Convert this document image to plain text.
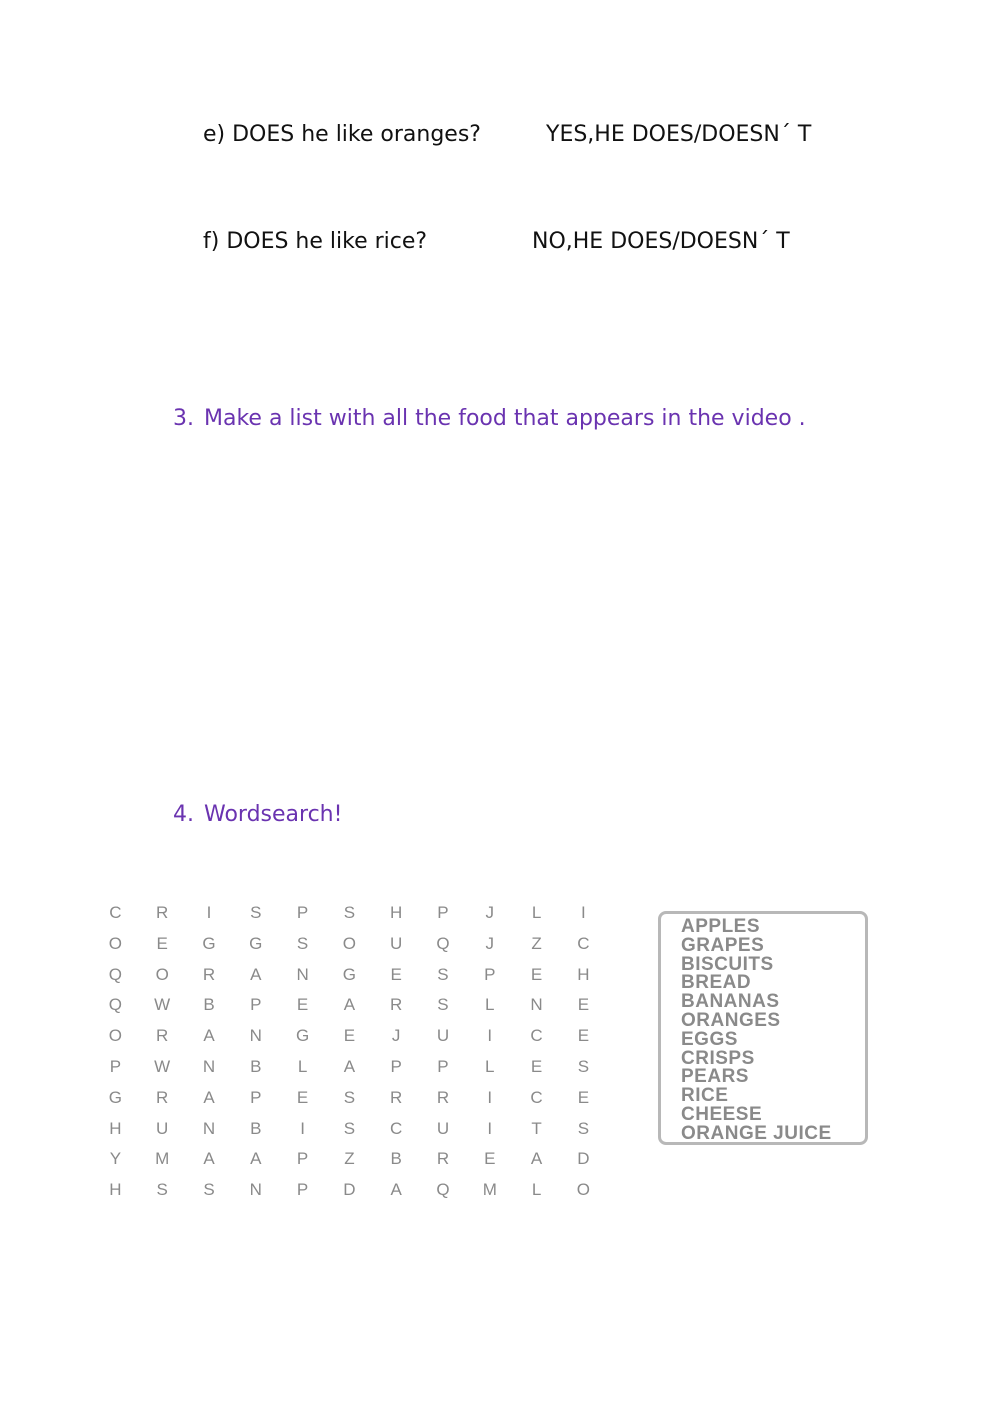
e) DOES he like oranges?	YES,HE DOES/DOESN´ T
f) DOES he like rice?	NO,HE DOES/DOESN´ T
3. Make a list with all the food that appears in the video .
4. Wordsearch!
C	R	I	S	P	S	H	P	J	L	I
O	E	G	G	S	O	U	Q	J	Z	C
Q	O	R	A	N	G	E	S	P	E	H
Q	W	B	P	E	A	R	S	L	N	E
O	R	A	N	G	E	J	U	I	C	E
P	W	N	B	L	A	P	P	L	E	S
G	R	A	P	E	S	R	R	I	C	E
H	U	N	B	I	S	C	U	I	T	S
Y	M	A	A	P	Z	B	R	E	A	D
H	S	S	N	P	D	A	Q	M	L	O
APPLES
GRAPES
BISCUITS
BREAD
BANANAS
ORANGES
EGGS
CRISPS
PEARS
RICE
CHEESE
ORANGE JUICE
